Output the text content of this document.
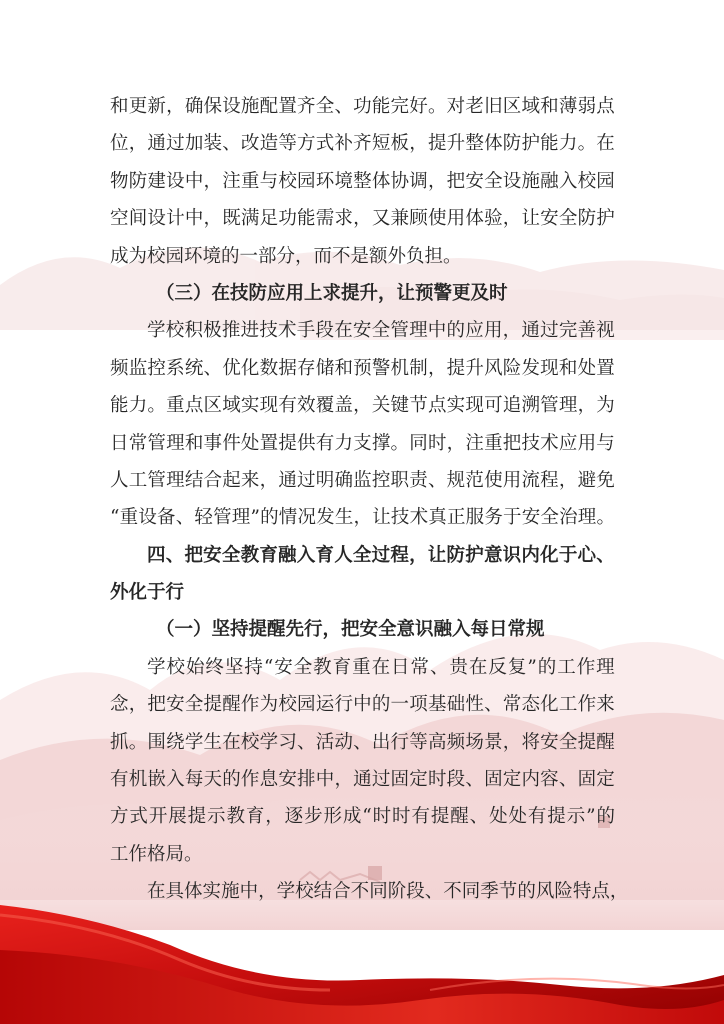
和 更 新 ， 确 保 设 施 配 置 齐 全 、 功 能 完 好 。 对 老 旧 区 域 和 薄 弱 点
位 ， 通 过 加 装 、 改 造 等 方 式 补 齐 短 板 ， 提 升 整 体 防 护 能 力 。 在
物 防 建 设 中 ， 注 重 与 校 园 环 境 整 体 协 调 ， 把 安 全 设 施 融 入 校 园
空 间 设 计 中 ， 既 满 足 功 能 需 求 ， 又 兼 顾 使 用 体 验 ， 让 安 全 防 护
成为校园环境的一部分，而不是额外负担。
（三）在技防应用上求提升，让预警更及时
学 校 积 极 推 进 技 术 手 段 在 安 全 管 理 中 的 应 用 ， 通 过 完 善 视
频 监 控 系 统 、 优 化 数 据 存 储 和 预 警 机 制 ， 提 升 风 险 发 现 和 处 置
能 力 。 重 点 区 域 实 现 有 效 覆 盖 ， 关 键 节 点 实 现 可 追 溯 管 理 ， 为
日 常 管 理 和 事 件 处 置 提 供 有 力 支 撑 。 同 时 ， 注 重 把 技 术 应 用 与
人 工 管 理 结 合 起 来 ， 通 过 明 确 监 控 职 责 、 规 范 使 用 流 程 ， 避 免
“ 重 设 备 、 轻 管 理 ” 的 情 况 发 生 ， 让 技 术 真 正 服 务 于 安 全 治 理 。
四 、 把 安 全 教 育 融 入 育 人 全 过 程 ， 让 防 护 意 识 内 化 于 心 、
外化于行
（一）坚持提醒先行，把安全意识融入每日常规
学 校 始 终 坚 持 “ 安 全 教 育 重 在 日 常 、 贵 在 反 复 ” 的 工 作 理
念 ， 把 安 全 提 醒 作 为 校 园 运 行 中 的 一 项 基 础 性 、 常 态 化 工 作 来
抓 。 围 绕 学 生 在 校 学 习 、 活 动 、 出 行 等 高 频 场 景 ， 将 安 全 提 醒
有 机 嵌 入 每 天 的 作 息 安 排 中 ， 通 过 固 定 时 段 、 固 定 内 容 、 固 定
方 式 开 展 提 示 教 育 ， 逐 步 形 成 “ 时 时 有 提 醒 、 处 处 有 提 示 ” 的
工作格局。
在 具 体 实 施 中 ， 学 校 结 合 不 同 阶 段 、 不 同 季 节 的 风 险 特 点 ，
